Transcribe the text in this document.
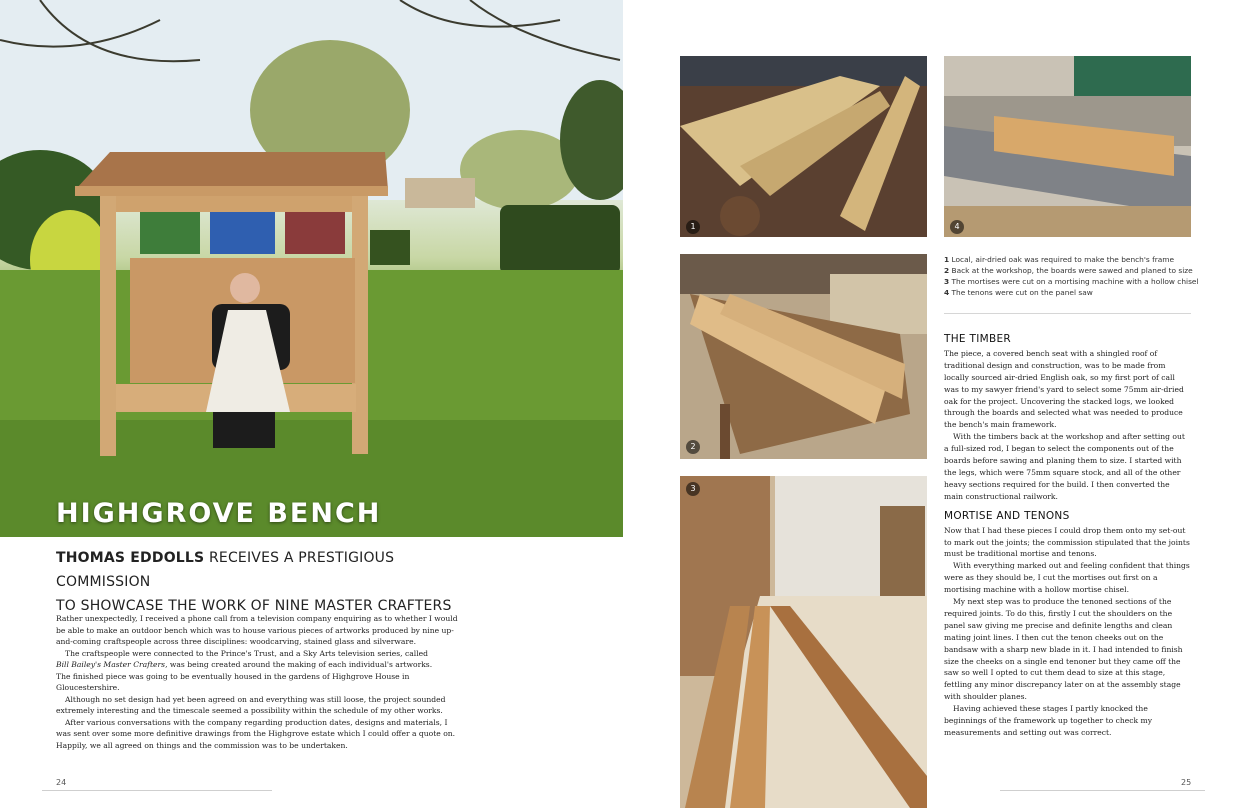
HIGHGROVE BENCH
THOMAS EDDOLLS RECEIVES A PRESTIGIOUS COMMISSION
TO SHOWCASE THE WORK OF NINE MASTER CRAFTERS

Rather unexpectedly, I received a phone call from a television company enquiring as to whether I would be able to make an outdoor bench which was to house various pieces of artworks produced by nine up-and-coming craftspeople across three disciplines: woodcarving, stained glass and silverware.

The craftspeople were connected to the Prince's Trust, and a Sky Arts television series, called

Bill Bailey's Master Crafters, was being created around the making of each individual's artworks.

The finished piece was going to be eventually housed in the gardens of Highgrove House in Gloucestershire.

Although no set design had yet been agreed on and everything was still loose, the project sounded extremely interesting and the timescale seemed a possibility within the schedule of my other works.

After various conversations with the company regarding production dates, designs and materials, I was sent over some more definitive drawings from the Highgrove estate which I could offer a quote on. Happily, we all agreed on things and the commission was to be undertaken.

24
1	4
2
3
1 Local, air-dried oak was required to make the bench's frame
2 Back at the workshop, the boards were sawed and planed to size
3 The mortises were cut on a mortising machine with a hollow chisel
4 The tenons were cut on the panel saw
THE TIMBER

The piece, a covered bench seat with a shingled roof of traditional design and construction, was to be made from locally sourced air-dried English oak, so my first port of call was to my sawyer friend's yard to select some 75mm air-dried oak for the project. Uncovering the stacked logs, we looked through the boards and selected what was needed to produce the bench's main framework.

With the timbers back at the workshop and after setting out a full-sized rod, I began to select the components out of the boards before sawing and planing them to size. I started with the legs, which were 75mm square stock, and all of the other heavy sections required for the build. I then converted the main constructional railwork.

MORTISE AND TENONS

Now that I had these pieces I could drop them onto my set-out to mark out the joints; the commission stipulated that the joints must be traditional mortise and tenons.

With everything marked out and feeling confident that things were as they should be, I cut the mortises out first on a mortising machine with a hollow mortise chisel.

My next step was to produce the tenoned sections of the required joints. To do this, firstly I cut the shoulders on the panel saw giving me precise and definite lengths and clean mating joint lines. I then cut the tenon cheeks out on the bandsaw with a sharp new blade in it. I had intended to finish size the cheeks on a single end tenoner but they came off the saw so well I opted to cut them dead to size at this stage, fettling any minor discrepancy later on at the assembly stage with shoulder planes.

Having achieved these stages I partly knocked the beginnings of the framework up together to check my measurements and setting out was correct.

25
